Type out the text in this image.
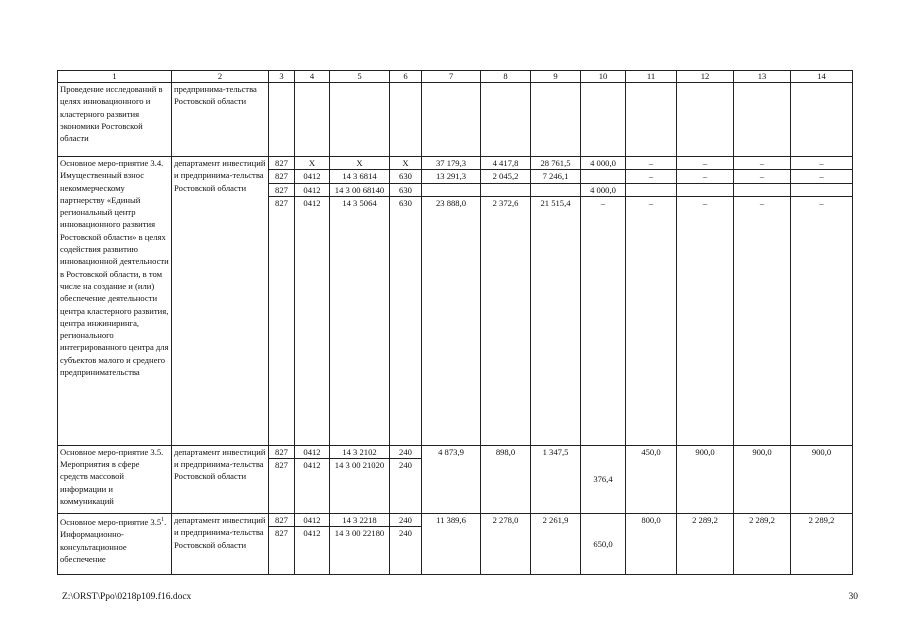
1	2	3	4	5	6	7	8	9	10	11	12	13	14
Проведение исследований в целях инновационного и кластерного развития экономики Ростовской области	предпринима-тельства Ростовской области												
Основное меро-приятие 3.4. Имущественный взнос некоммерческому партнерству «Единый региональный центр инновационного развития Ростовской области» в целях содействия развитию инновационной деятельности в Ростовской области, в том числе на создание и (или) обеспечение деятельности центра кластерного развития, центра инжиниринга, регионального интегрированного центра для субъектов малого и среднего предпринимательства	департамент инвестиций и предпринима-тельства Ростовской области	827	X	X	X	37 179,3	4 417,8	28 761,5	4 000,0	–	–	–	–
		827	0412	14 3 6814	630	13 291,3	2 045,2	7 246,1		–	–	–	–
		827	0412	14 3 00 68140	630				4 000,0				
		827	0412	14 3 5064	630	23 888,0	2 372,6	21 515,4	–	–	–	–	–
Основное меро-приятие 3.5. Мероприятия в сфере средств массовой информации и коммуникаций	департамент инвестиций и предпринима-тельства Ростовской области	827	0412	14 3 2102	240	4 873,9	898,0	1 347,5	376,4	450,0	900,0	900,0	900,0
		827	0412	14 3 00 21020	240								
Основное меро-приятие $3.5^1$. Информационно-консультационное обеспечение	департамент инвестиций и предпринима-тельства Ростовской области	827	0412	14 3 2218	240	11 389,6	2 278,0	2 261,9	650,0	800,0	2 289,2	2 289,2	2 289,2
		827	0412	14 3 00 22180	240								
Z:\ORST\Ppo\0218p109.f16.docx	30
